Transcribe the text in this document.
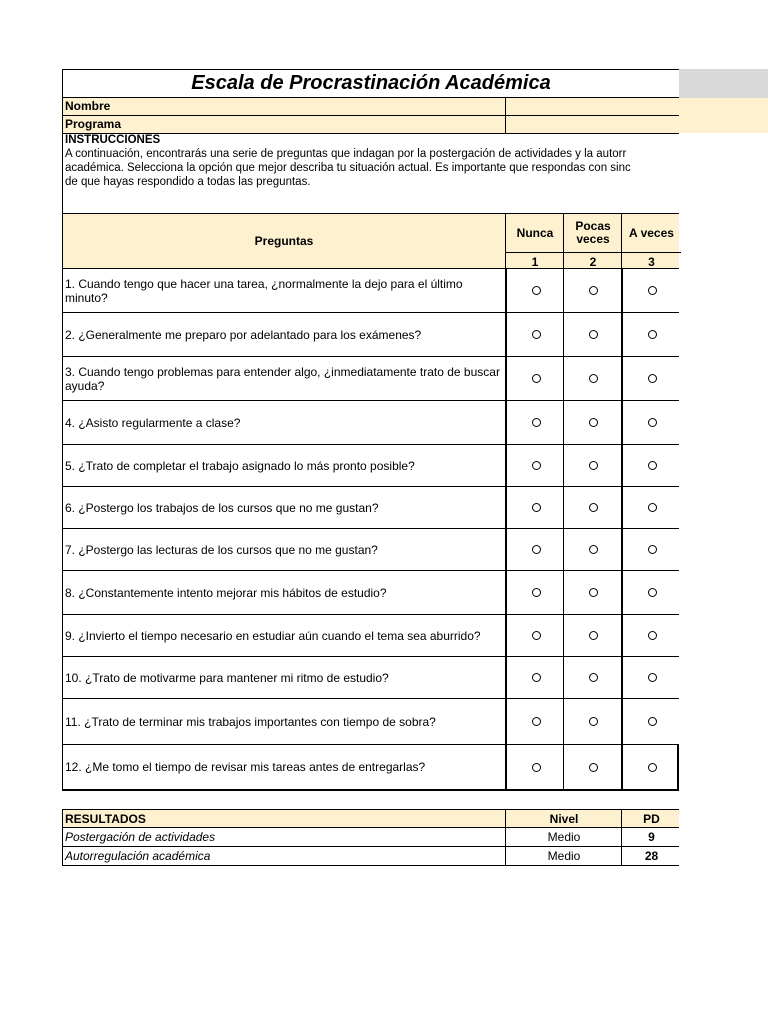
Escala de Procrastinación Académica
Nombre
Programa
INSTRUCCIONES
A continuación, encontrarás una serie de preguntas que indagan por la postergación de actividades y la autorr
académica. Selecciona la opción que mejor describa tu situación actual. Es importante que respondas con sinc
de que hayas respondido a todas las preguntas.
Preguntas
Nunca	Pocas veces	A veces
1	2	3
1. Cuando tengo que hacer una tarea, ¿normalmente la dejo para el último minuto?
2. ¿Generalmente me preparo por adelantado para los exámenes?
3. Cuando tengo problemas para entender algo, ¿inmediatamente trato de buscar ayuda?
4. ¿Asisto regularmente a clase?
5. ¿Trato de completar el trabajo asignado lo más pronto posible?
6. ¿Postergo los trabajos de los cursos que no me gustan?
7. ¿Postergo las lecturas de los cursos que no me gustan?
8. ¿Constantemente intento mejorar mis hábitos de estudio?
9. ¿Invierto el tiempo necesario en estudiar aún cuando el tema sea aburrido?
10. ¿Trato de motivarme para mantener mi ritmo de estudio?
11. ¿Trato de terminar mis trabajos importantes con tiempo de sobra?
12. ¿Me tomo el tiempo de revisar mis tareas antes de entregarlas?
RESULTADOS	Nivel	PD
Postergación de actividades	Medio	9
Autorregulación académica	Medio	28
